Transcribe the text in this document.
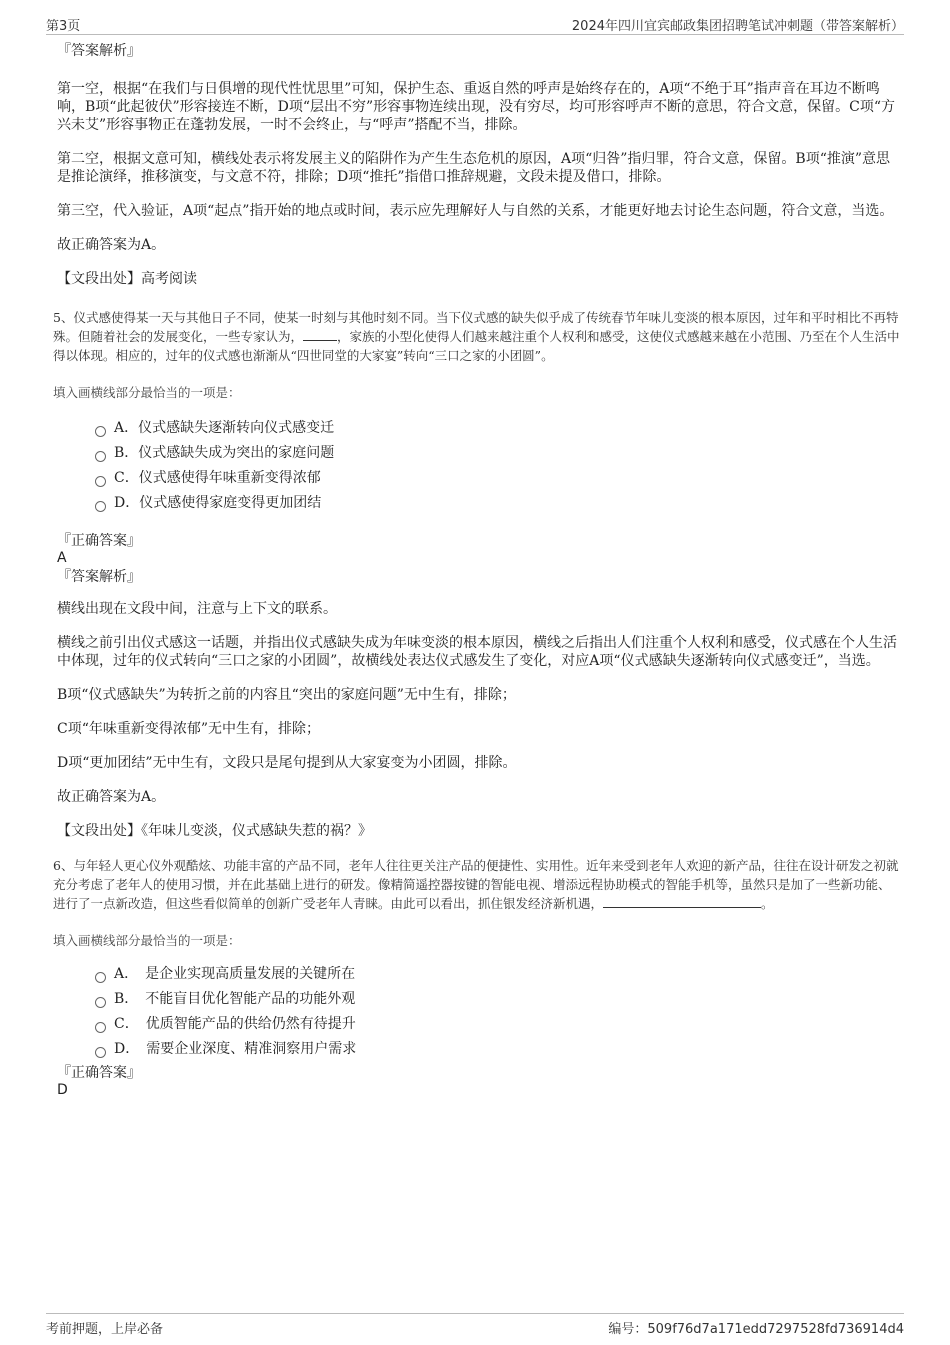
第3页	2024年四川宜宾邮政集团招聘笔试冲刺题（带答案解析）

『答案解析』

第一空，根据“在我们与日俱增的现代性忧思里”可知，保护生态、重返自然的呼声是始终存在的，A项“不绝于耳”指声音在耳边不断鸣响，B项“此起彼伏”形容接连不断，D项“层出不穷”形容事物连续出现，没有穷尽，均可形容呼声不断的意思，符合文意，保留。C项“方兴未艾”形容事物正在蓬勃发展，一时不会终止，与“呼声”搭配不当，排除。

第二空，根据文意可知，横线处表示将发展主义的陷阱作为产生生态危机的原因，A项“归咎”指归罪，符合文意，保留。B项“推演”意思是推论演绎，推移演变，与文意不符，排除；D项“推托”指借口推辞规避，文段未提及借口，排除。

第三空，代入验证，A项“起点”指开始的地点或时间，表示应先理解好人与自然的关系，才能更好地去讨论生态问题，符合文意，当选。

故正确答案为A。

【文段出处】高考阅读

5、仪式感使得某一天与其他日子不同，使某一时刻与其他时刻不同。当下仪式感的缺失似乎成了传统春节年味儿变淡的根本原因，过年和平时相比不再特殊。但随着社会的发展变化，一些专家认为，	，家族的小型化使得人们越来越注重个人权利和感受，这使仪式感越来越在小范围、乃至在个人生活中得以体现。相应的，过年的仪式感也渐渐从“四世同堂的大家宴”转向“三口之家的小团圆”。

填入画横线部分最恰当的一项是：

A．仪式感缺失逐渐转向仪式感变迁

B．仪式感缺失成为突出的家庭问题

C．仪式感使得年味重新变得浓郁

D．仪式感使得家庭变得更加团结

『正确答案』

A

『答案解析』

横线出现在文段中间，注意与上下文的联系。

横线之前引出仪式感这一话题，并指出仪式感缺失成为年味变淡的根本原因，横线之后指出人们注重个人权利和感受，仪式感在个人生活中体现，过年的仪式转向“三口之家的小团圆”，故横线处表达仪式感发生了变化，对应A项“仪式感缺失逐渐转向仪式感变迁”，当选。

B项“仪式感缺失”为转折之前的内容且“突出的家庭问题”无中生有，排除；

C项“年味重新变得浓郁”无中生有，排除；

D项“更加团结”无中生有，文段只是尾句提到从大家宴变为小团圆，排除。

故正确答案为A。

【文段出处】《年味儿变淡，仪式感缺失惹的祸？》

6、与年轻人更心仪外观酷炫、功能丰富的产品不同，老年人往往更关注产品的便捷性、实用性。近年来受到老年人欢迎的新产品，往往在设计研发之初就充分考虑了老年人的使用习惯，并在此基础上进行的研发。像精简遥控器按键的智能电视、增添远程协助模式的智能手机等，虽然只是加了一些新功能、进行了一点新改造，但这些看似简单的创新广受老年人青睐。由此可以看出，抓住银发经济新机遇，	。

填入画横线部分最恰当的一项是：

A．　是企业实现高质量发展的关键所在

B．　不能盲目优化智能产品的功能外观

C．　优质智能产品的供给仍然有待提升

D．　需要企业深度、精准洞察用户需求

『正确答案』

D

考前押题，上岸必备	编号：509f76d7a171edd7297528fd736914d4
